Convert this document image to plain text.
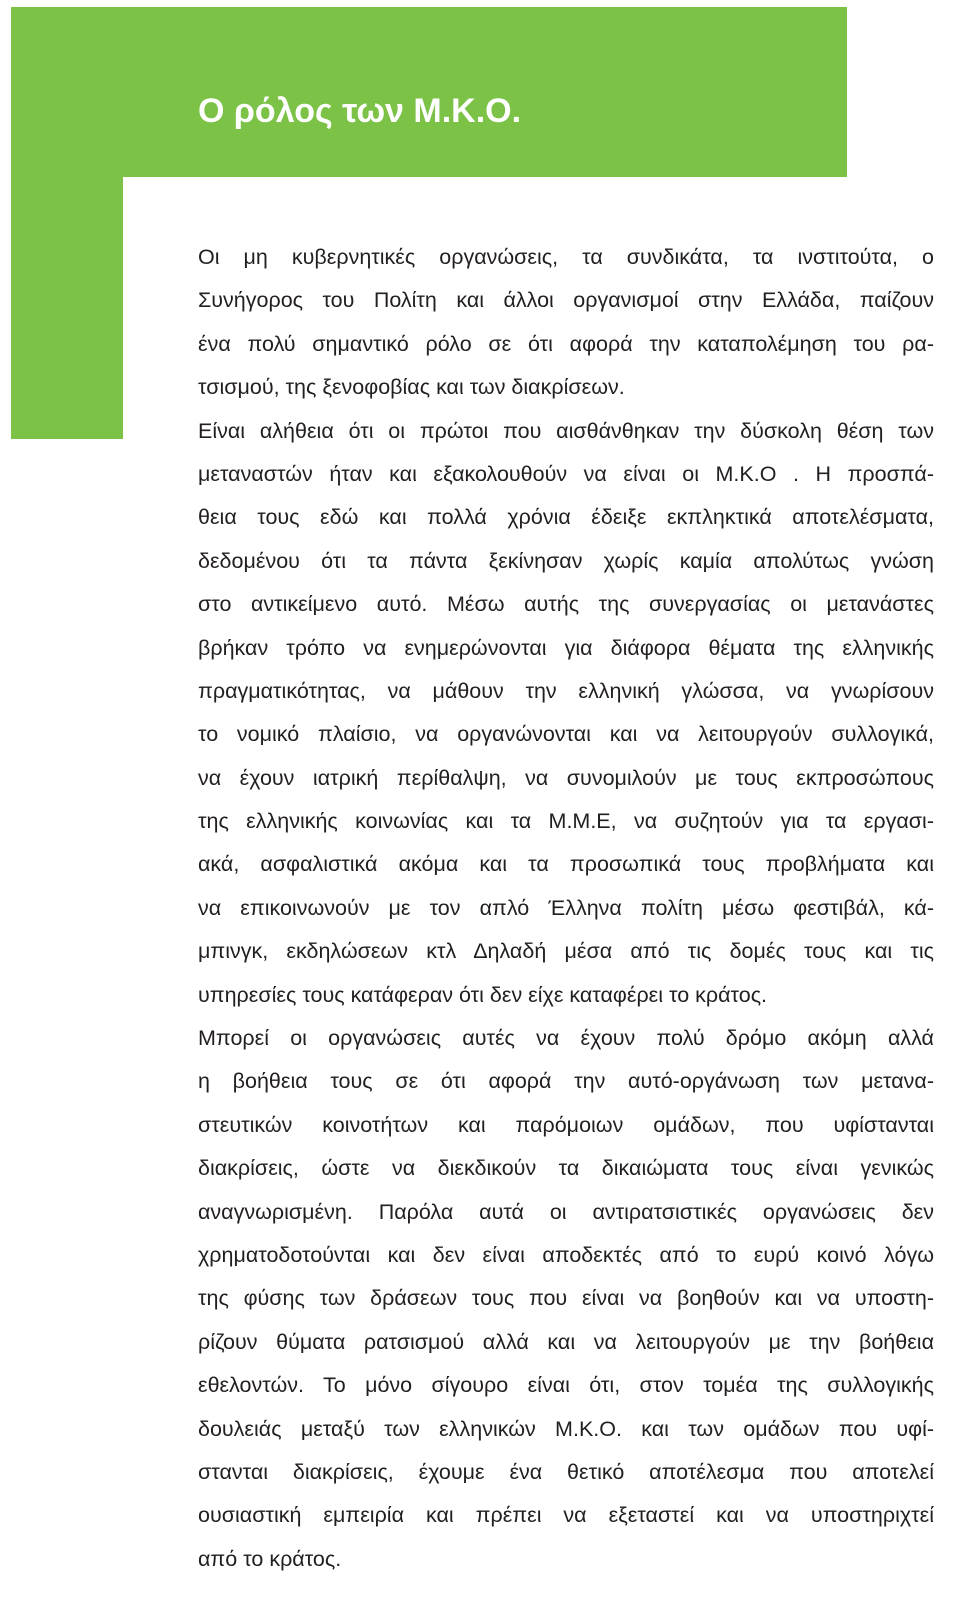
Ο ρόλος των Μ.Κ.Ο.
Οι μη κυβερνητικές οργανώσεις, τα συνδικάτα, τα ινστιτούτα, ο
Συνήγορος του Πολίτη και άλλοι οργανισμοί στην Ελλάδα, παίζουν
ένα πολύ σημαντικό ρόλο σε ότι αφορά την καταπολέμηση του ρα-
τσισμού, της ξενοφοβίας και των διακρίσεων.
Είναι αλήθεια ότι οι πρώτοι που αισθάνθηκαν την δύσκολη θέση των
μεταναστών ήταν και εξακολουθούν να είναι οι Μ.Κ.Ο . Η προσπά-
θεια τους εδώ και πολλά χρόνια έδειξε εκπληκτικά αποτελέσματα,
δεδομένου ότι τα πάντα ξεκίνησαν χωρίς καμία απολύτως γνώση
στο αντικείμενο αυτό. Μέσω αυτής της συνεργασίας οι μετανάστες
βρήκαν τρόπο να ενημερώνονται για διάφορα θέματα της ελληνικής
πραγματικότητας, να μάθουν την ελληνική γλώσσα, να γνωρίσουν
το νομικό πλαίσιο, να οργανώνονται και να λειτουργούν συλλογικά,
να έχουν ιατρική περίθαλψη, να συνομιλούν με τους εκπροσώπους
της ελληνικής κοινωνίας και τα Μ.Μ.Ε, να συζητούν για τα εργασι-
ακά, ασφαλιστικά ακόμα και τα προσωπικά τους προβλήματα και
να επικοινωνούν με τον απλό Έλληνα πολίτη μέσω φεστιβάλ, κά-
μπινγκ, εκδηλώσεων κτλ Δηλαδή μέσα από τις δομές τους και τις
υπηρεσίες τους κατάφεραν ότι δεν είχε καταφέρει το κράτος.
Μπορεί οι οργανώσεις αυτές να έχουν πολύ δρόμο ακόμη αλλά
η βοήθεια τους σε ότι αφορά την αυτό-οργάνωση των μετανα-
στευτικών κοινοτήτων και παρόμοιων ομάδων, που υφίστανται
διακρίσεις, ώστε να διεκδικούν τα δικαιώματα τους είναι γενικώς
αναγνωρισμένη. Παρόλα αυτά οι αντιρατσιστικές οργανώσεις δεν
χρηματοδοτούνται και δεν είναι αποδεκτές από το ευρύ κοινό λόγω
της φύσης των δράσεων τους που είναι να βοηθούν και να υποστη-
ρίζουν θύματα ρατσισμού αλλά και να λειτουργούν με την βοήθεια
εθελοντών. Το μόνο σίγουρο είναι ότι, στον τομέα της συλλογικής
δουλειάς μεταξύ των ελληνικών Μ.Κ.Ο. και των ομάδων που υφί-
στανται διακρίσεις, έχουμε ένα θετικό αποτέλεσμα που αποτελεί
ουσιαστική εμπειρία και πρέπει να εξεταστεί και να υποστηριχτεί
από το κράτος.
